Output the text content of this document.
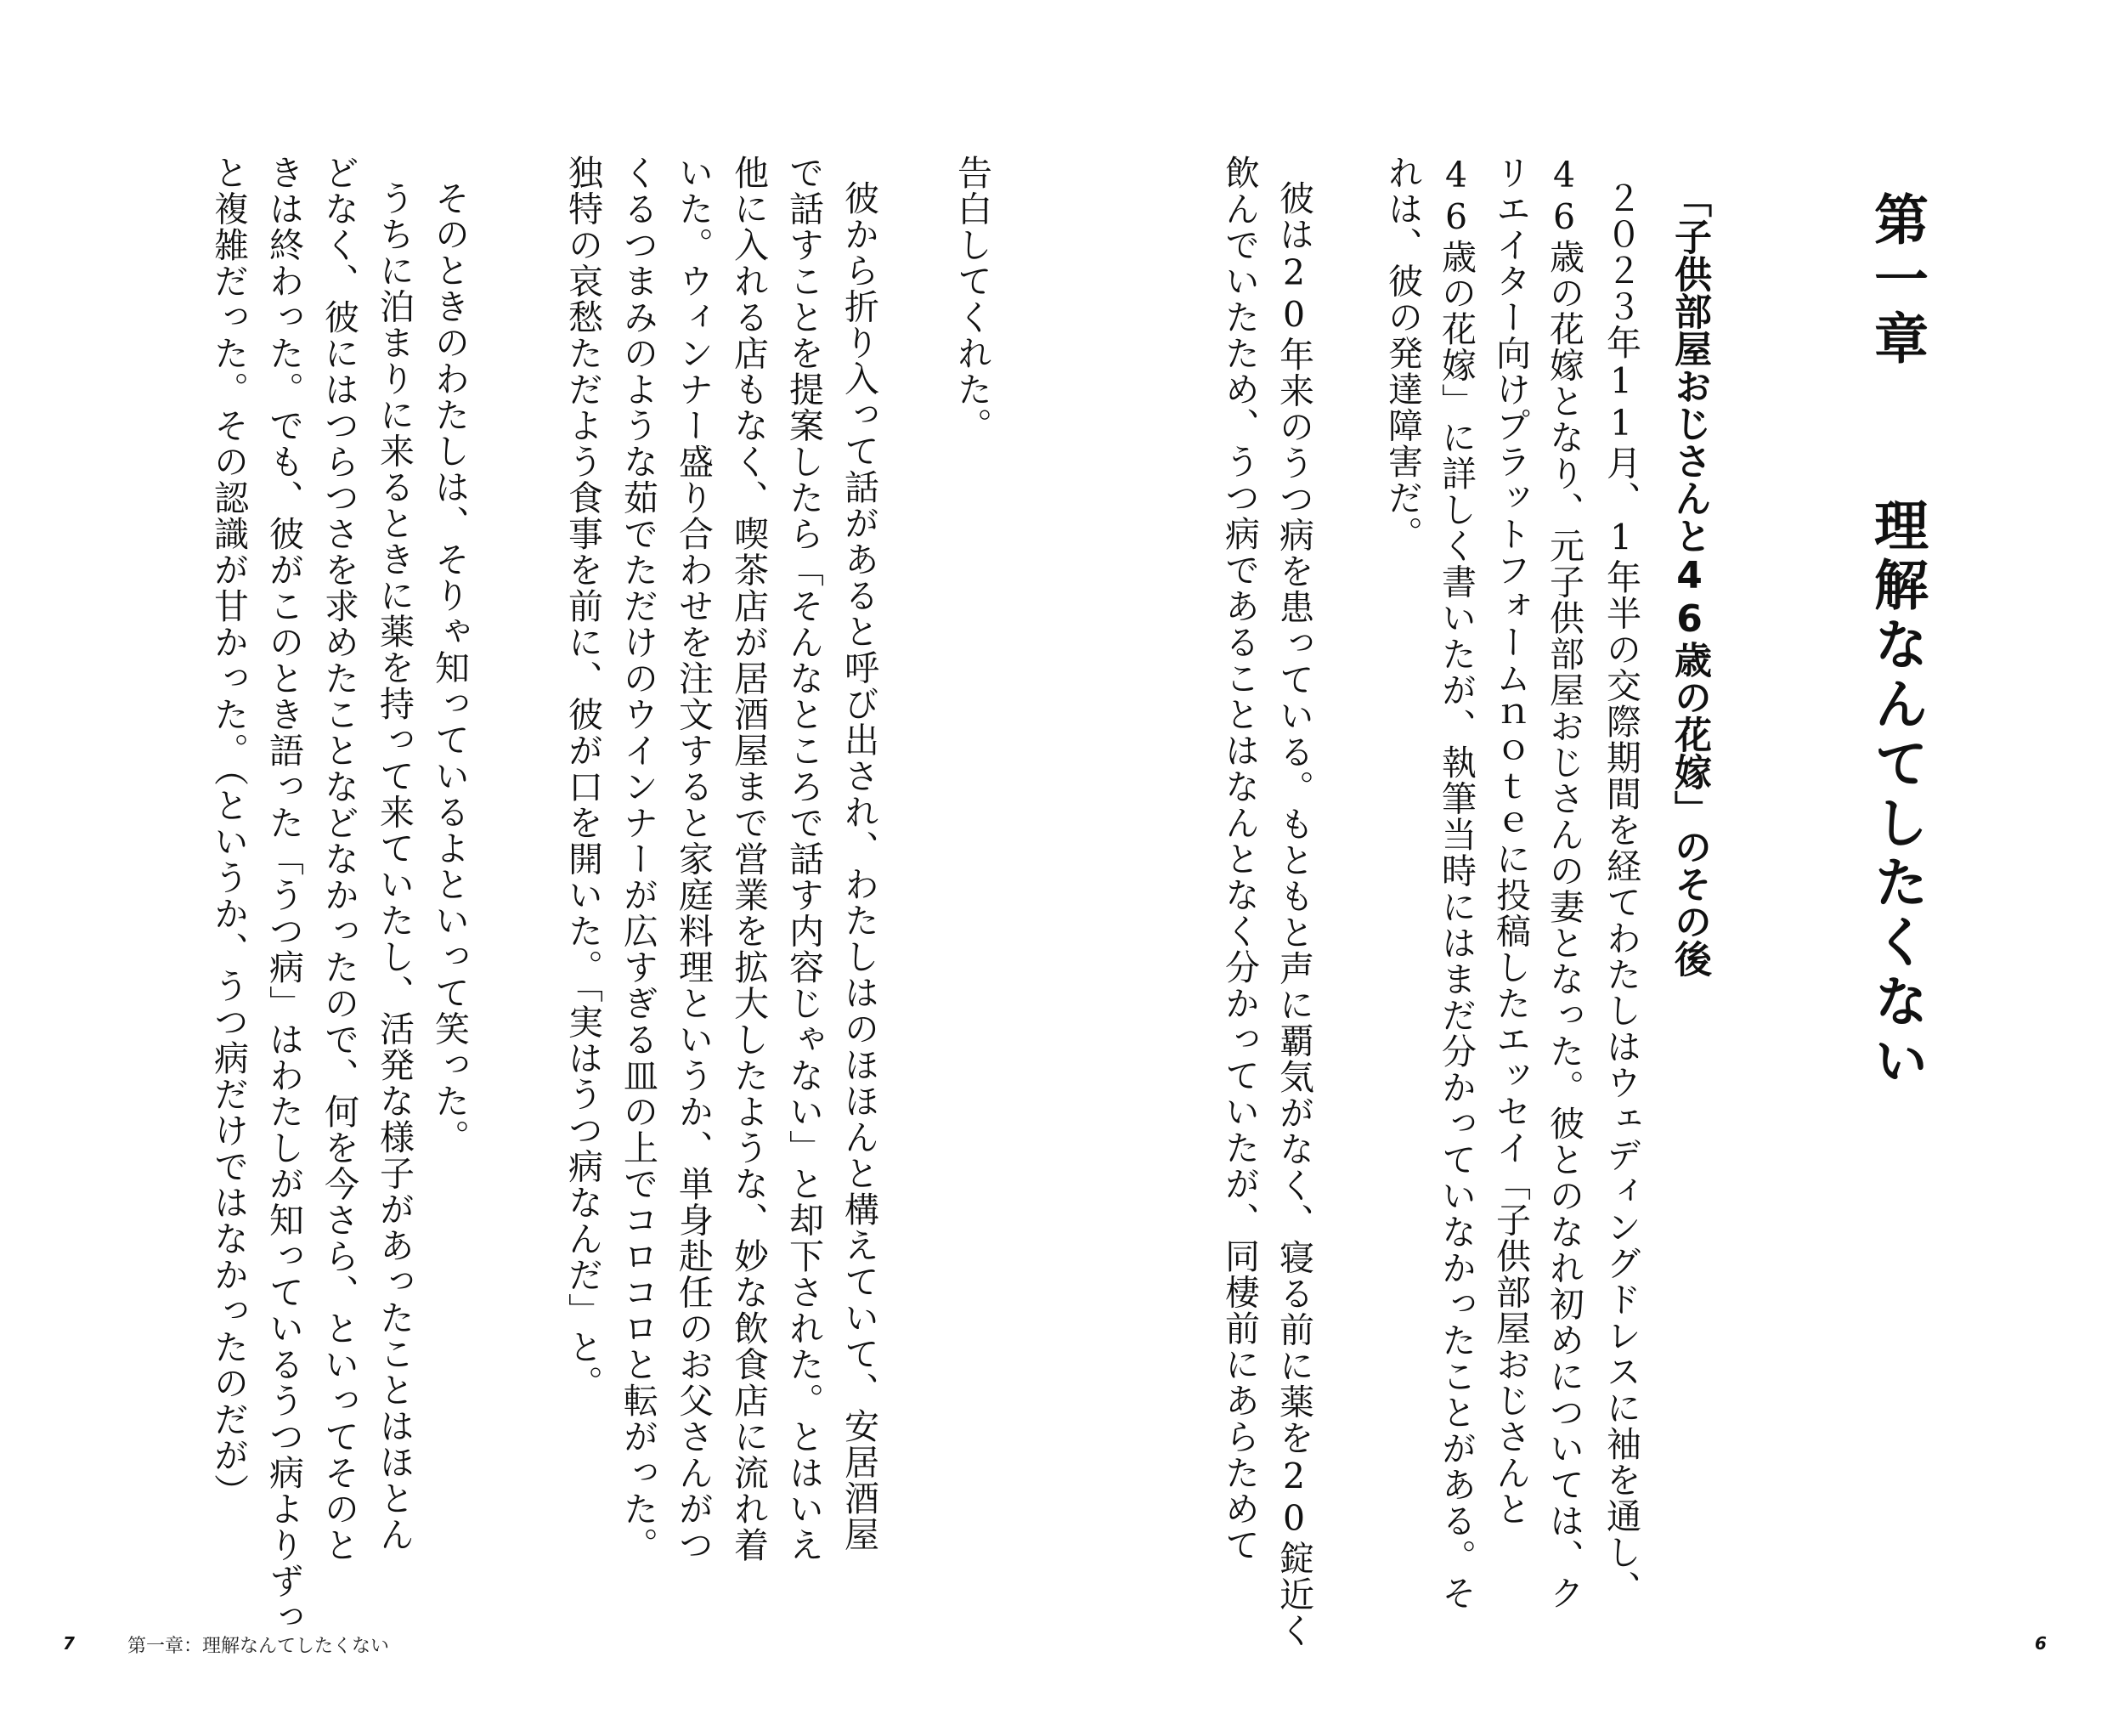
第一章理解なんてしたくない
「子供部屋おじさんと46歳の花嫁」のその後
２０２３年11月、1年半の交際期間を経てわたしはウェディングドレスに袖を通し、
46歳の花嫁となり、元子供部屋おじさんの妻となった。彼とのなれ初めについては、ク
リエイター向けプラットフォームｎｏｔｅに投稿したエッセイ「子供部屋おじさんと
46歳の花嫁」に詳しく書いたが、執筆当時にはまだ分かっていなかったことがある。そ
れは、彼の発達障害だ。
彼は20年来のうつ病を患っている。もともと声に覇気がなく、寝る前に薬を20錠近く
飲んでいたため、うつ病であることはなんとなく分かっていたが、同棲前にあらためて
告白してくれた。
彼から折り入って話があると呼び出され、わたしはのほほんと構えていて、安居酒屋
で話すことを提案したら「そんなところで話す内容じゃない」と却下された。とはいえ
他に入れる店もなく、喫茶店が居酒屋まで営業を拡大したような、妙な飲食店に流れ着
いた。ウィンナー盛り合わせを注文すると家庭料理というか、単身赴任のお父さんがつ
くるつまみのような茹でただけのウインナーが広すぎる皿の上でコロコロと転がった。
独特の哀愁ただよう食事を前に、彼が口を開いた。「実はうつ病なんだ」と。
そのときのわたしは、そりゃ知っているよといって笑った。
うちに泊まりに来るときに薬を持って来ていたし、活発な様子があったことはほとん
どなく、彼にはつらつさを求めたことなどなかったので、何を今さら、といってそのと
きは終わった。でも、彼がこのとき語った「うつ病」はわたしが知っているうつ病よりずっ
と複雑だった。その認識が甘かった。（というか、うつ病だけではなかったのだが）
7	第一章：理解なんてしたくない	6
